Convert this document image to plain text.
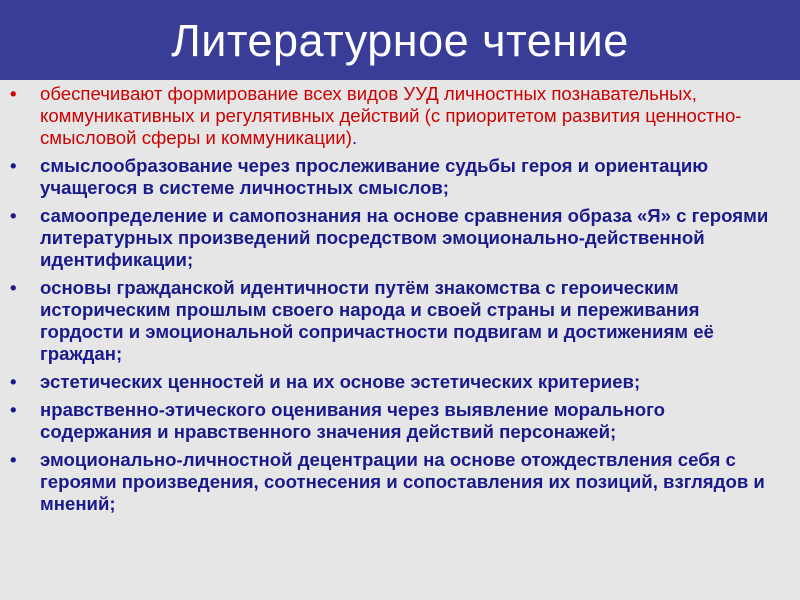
Литературное чтение
•	обеспечивают формирование всех видов УУД личностных познавательных, коммуникативных и регулятивных действий (с приоритетом развития ценностно-смысловой сферы и коммуникации).
•	смыслообразование через прослеживание судьбы героя и ориентацию учащегося в системе личностных смыслов;
•	самоопределение и самопознания на основе сравнения образа «Я» с героями литературных произведений посредством эмоционально-действенной идентификации;
•	основы гражданской идентичности путём знакомства с героическим историческим прошлым своего народа и своей страны и переживания гордости и эмоциональной сопричастности подвигам и достижениям её граждан;
•	эстетических ценностей и на их основе эстетических критериев;
•	нравственно-этического оценивания через выявление морального содержания и нравственного значения действий персонажей;
•	эмоционально-личностной децентрации на основе отождествления себя с героями произведения, соотнесения и сопоставления их позиций, взглядов и мнений;
